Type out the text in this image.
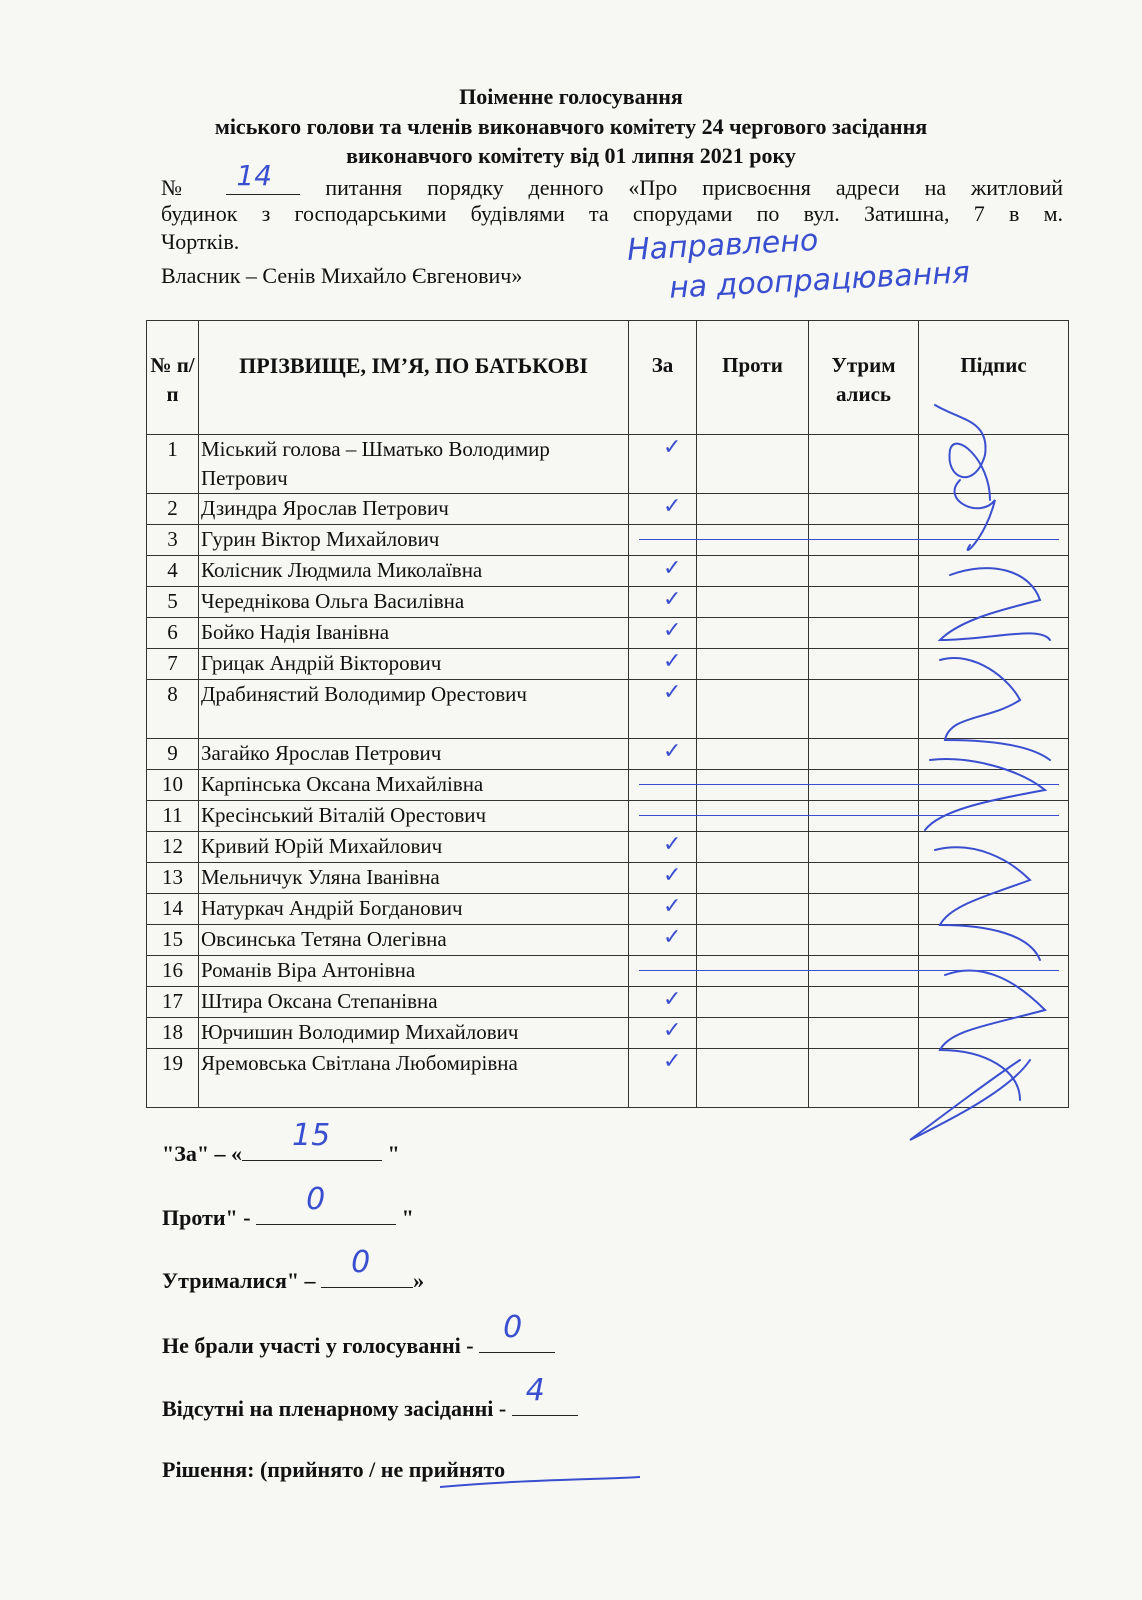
Поіменне голосування
міського голови та членів виконавчого комітету 24 чергового засідання
виконавчого комітету від 01 липня 2021 року
№ 14 питання порядку денного «Про присвоєння адреси на житловий
будинок з господарськими будівлями та спорудами по вул. Затишна, 7 в м.
Чортків.
Власник – Сенів Михайло Євгенович»
№ п/п	ПРІЗВИЩЕ, ІМ’Я, ПО БАТЬКОВІ	За	Проти	Утрим ались	Підпис
1	Міський голова – Шматько Володимир Петрович	✓			

2	Дзиндра Ярослав Петрович	✓			

3	Гурин Віктор Михайлович	

4	Колісник Людмила Миколаївна	✓			

5	Череднікова Ольга Василівна	✓			

6	Бойко Надія Іванівна	✓			

7	Грицак Андрій Вікторович	✓			

8	Драбинястий Володимир Орестович	✓			

9	Загайко Ярослав Петрович	✓			

10	Карпінська Оксана Михайлівна	

11	Кресінський Віталій Орестович	

12	Кривий Юрій Михайлович	✓			

13	Мельничук Уляна Іванівна	✓			

14	Натуркач Андрій Богданович	✓			

15	Овсинська Тетяна Олегівна	✓			

16	Романів Віра Антонівна	

17	Штира Оксана Степанівна	✓			

18	Юрчишин Володимир Михайлович	✓			

19	Яремовська Світлана Любомирівна	✓			

Направлено
на доопрацювання
"За" – «
15
"
Проти" -
0
"
Утрималися" –
0
»
Не брали участі у голосуванні -
0
Відсутні на пленарному засіданні -
4
Рішення: (прийнято / не прийнято
